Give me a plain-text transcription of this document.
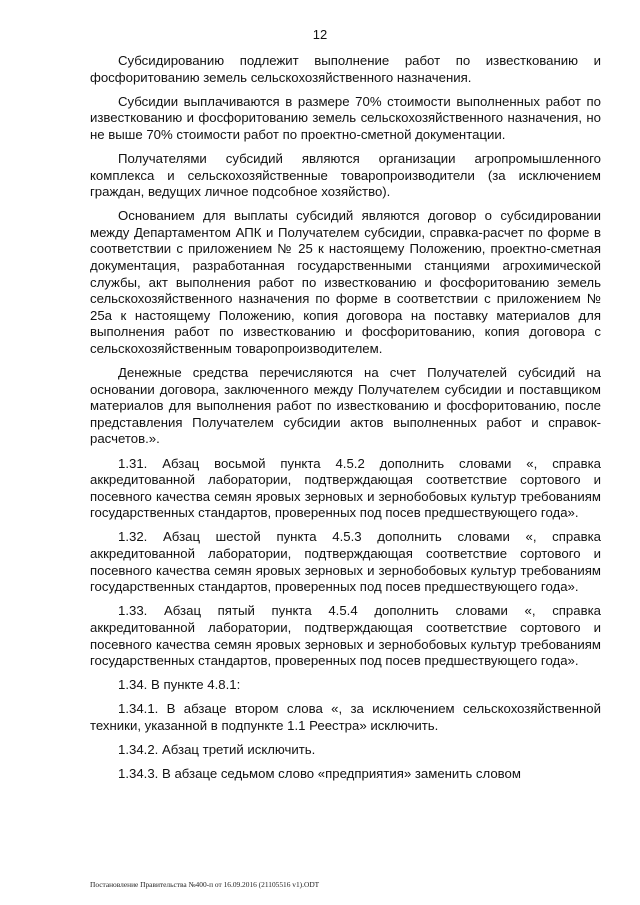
12

Субсидированию подлежит выполнение работ по известкованию и фосфоритованию земель сельскохозяйственного назначения.

Субсидии выплачиваются в размере 70% стоимости выполненных работ по известкованию и фосфоритованию земель сельскохозяйственного назначения, но не выше 70% стоимости работ по проектно-сметной документации.

Получателями субсидий являются организации агропромышленного комплекса и сельскохозяйственные товаропроизводители (за исключением граждан, ведущих личное подсобное хозяйство).

Основанием для выплаты субсидий являются договор о субсидировании между Департаментом АПК и Получателем субсидии, справка-расчет по форме в соответствии с приложением № 25 к настоящему Положению, проектно-сметная документация, разработанная государственными станциями агрохимической службы, акт выполнения работ по известкованию и фосфоритованию земель сельскохозяйственного назначения по форме в соответствии с приложением № 25а к настоящему Положению, копия договора на поставку материалов для выполнения работ по известкованию и фосфоритованию, копия договора с сельскохозяйственным товаропроизводителем.

Денежные средства перечисляются на счет Получателей субсидий на основании договора, заключенного между Получателем субсидии и поставщиком материалов для выполнения работ по известкованию и фосфоритованию, после представления Получателем субсидии актов выполненных работ и справок-расчетов.».

1.31. Абзац восьмой пункта 4.5.2 дополнить словами «, справка аккредитованной лаборатории, подтверждающая соответствие сортового и посевного качества семян яровых зерновых и зернобобовых культур требованиям государственных стандартов, проверенных под посев предшествующего года».

1.32. Абзац шестой пункта 4.5.3 дополнить словами «, справка аккредитованной лаборатории, подтверждающая соответствие сортового и посевного качества семян яровых зерновых и зернобобовых культур требованиям государственных стандартов, проверенных под посев предшествующего года».

1.33. Абзац пятый пункта 4.5.4 дополнить словами «, справка аккредитованной лаборатории, подтверждающая соответствие сортового и посевного качества семян яровых зерновых и зернобобовых культур требованиям государственных стандартов, проверенных под посев предшествующего года».

1.34. В пункте 4.8.1:

1.34.1. В абзаце втором слова «, за исключением сельскохозяйственной техники, указанной в подпункте 1.1 Реестра» исключить.

1.34.2. Абзац третий исключить.

1.34.3. В абзаце седьмом слово «предприятия» заменить словом

Постановление Правительства №400-п от 16.09.2016 (21105516 v1).ODT
